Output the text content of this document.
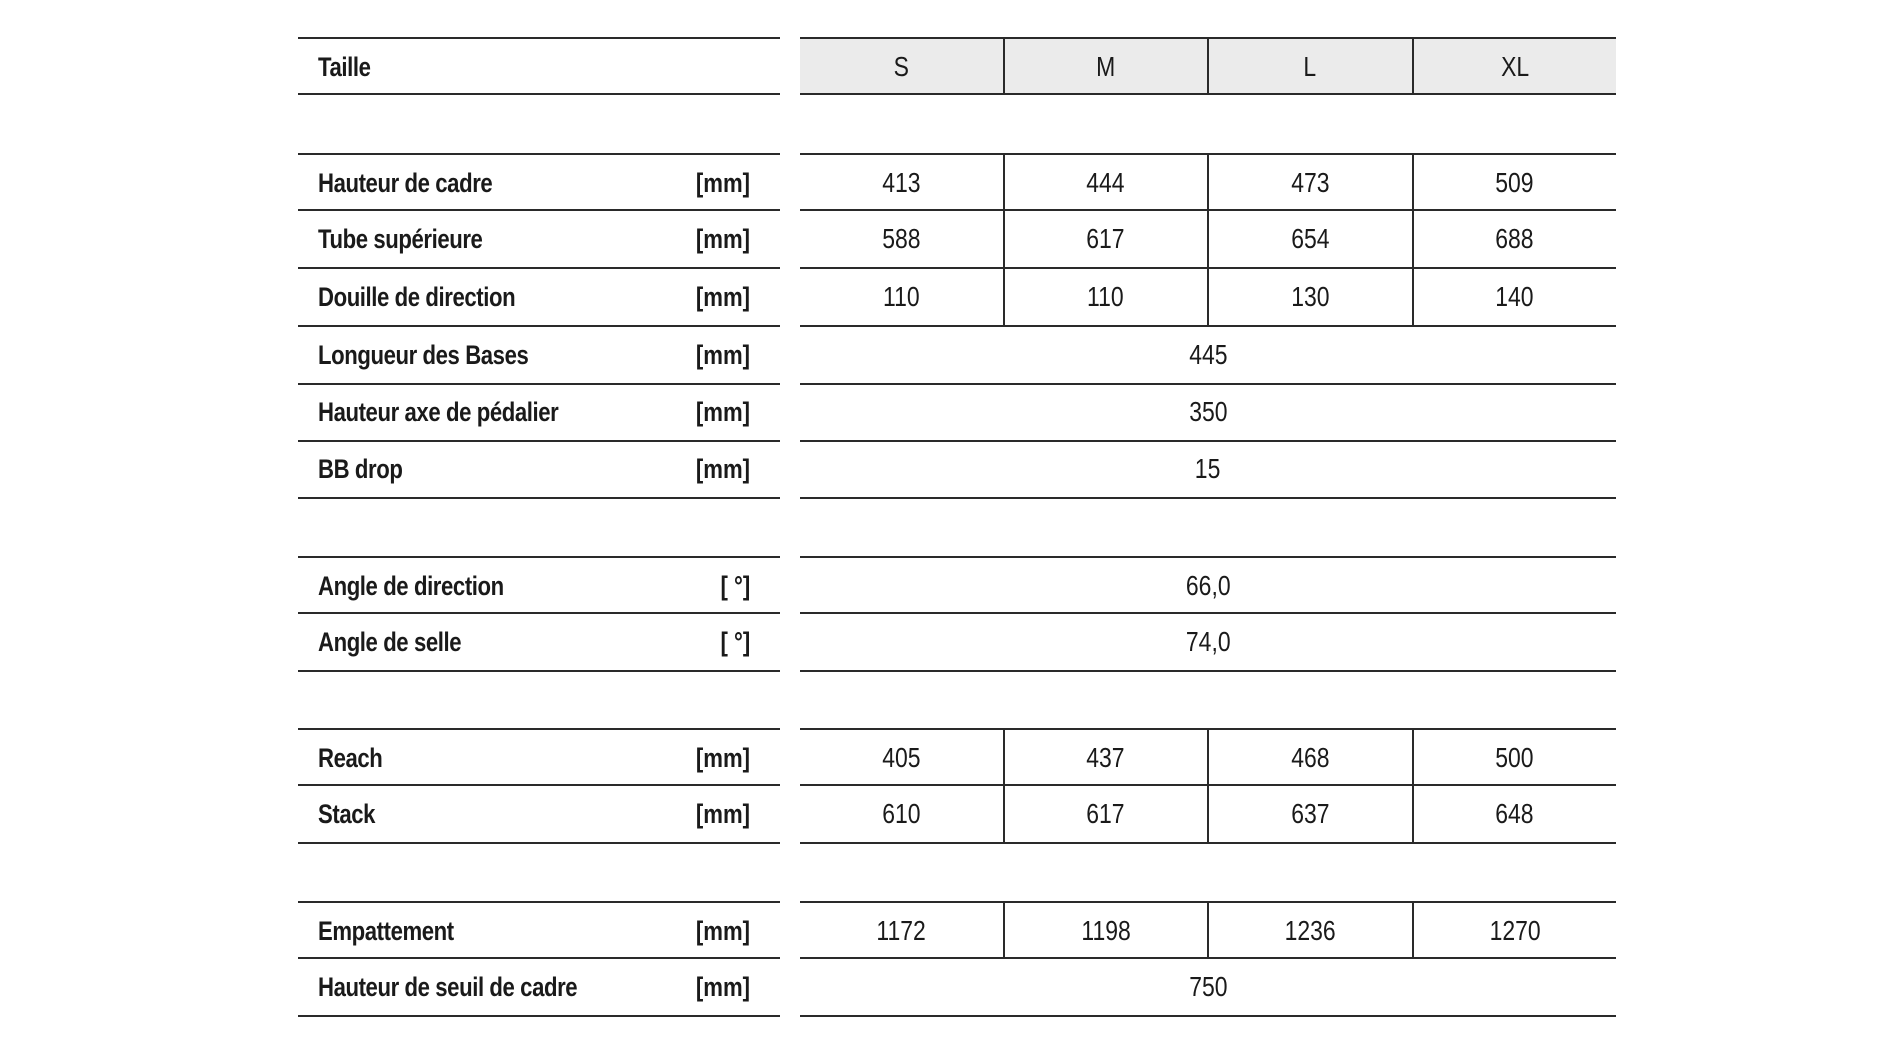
Taille	S	M	L	XL
Hauteur de cadre	[mm]	413	444	473	509
Tube supérieure	[mm]	588	617	654	688
Douille de direction	[mm]	110	110	130	140
Longueur des Bases	[mm]	445
Hauteur axe de pédalier	[mm]	350
BB drop	[mm]	15
Angle de direction	[ °]	66,0
Angle de selle	[ °]	74,0
Reach	[mm]	405	437	468	500
Stack	[mm]	610	617	637	648
Empattement	[mm]	1172	1198	1236	1270
Hauteur de seuil de cadre	[mm]	750
